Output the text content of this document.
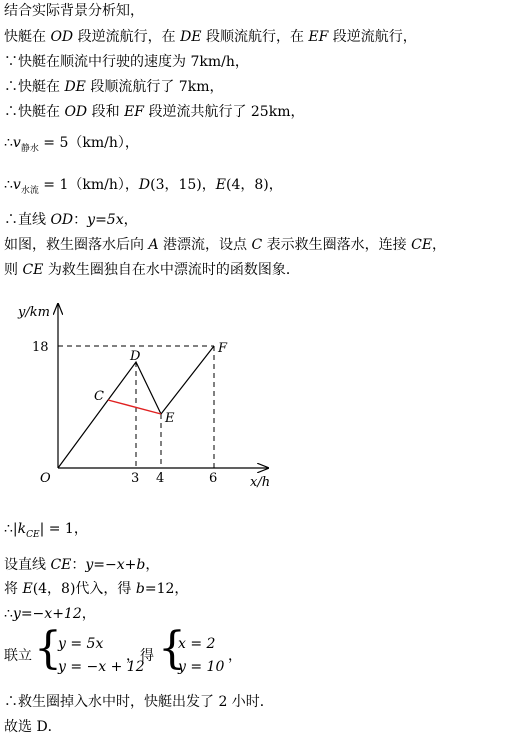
结合实际背景分析知，
快艇在 OD 段逆流航行，在 DE 段顺流航行，在 EF 段逆流航行，
∵快艇在顺流中行驶的速度为 7km/h，
∴快艇在 DE 段顺流航行了 7km，
∴快艇在 OD 段和 EF 段逆流共航行了 25km，
$\therefore v_{静水} = 5(km/h)$，
$\therefore v_{水流} = 1(km/h)$，D(3，15)，E(4，8)，
∴直线 OD：y=5x，
如图，救生圈落水后向 A 港漂流，设点 C 表示救生圈落水，连接 CE，
则 CE 为救生圈独自在水中漂流时的函数图象．
y/km
x/h
O
18
3 4	6
C
D
E
F
$\therefore|k_{CE}| = 1$，
设直线 CE：y=−x+b，
将 E(4，8)代入，得 b=12，
∴y=−x+12，
联立 {
y = 5x
y = −x + 12
，得 {
x = 2
y = 10
，
∴救生圈掉入水中时，快艇出发了 2 小时．
故选 D．
